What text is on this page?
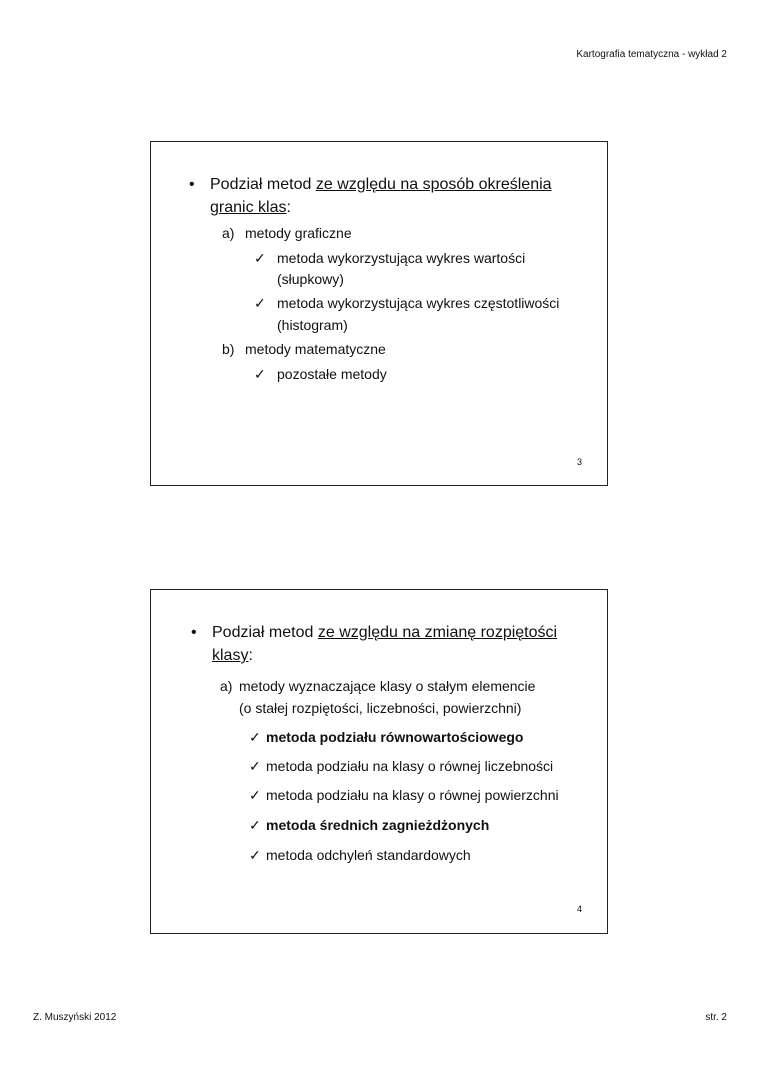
Kartografia tematyczna - wykład 2
• Podział metod ze względu na sposób określenia
granic klas:
a) metody graficzne
✓ metoda wykorzystująca wykres wartości
(słupkowy)
✓ metoda wykorzystująca wykres częstotliwości
(histogram)
b) metody matematyczne
✓ pozostałe metody
3
• Podział metod ze względu na zmianę rozpiętości
klasy:
a) metody wyznaczające klasy o stałym elemencie
(o stałej rozpiętości, liczebności, powierzchni)
✓ metoda podziału równowartościowego
✓ metoda podziału na klasy o równej liczebności
✓ metoda podziału na klasy o równej powierzchni
✓ metoda średnich zagnieżdżonych
✓ metoda odchyleń standardowych
4
Z. Muszyński 2012	str. 2
